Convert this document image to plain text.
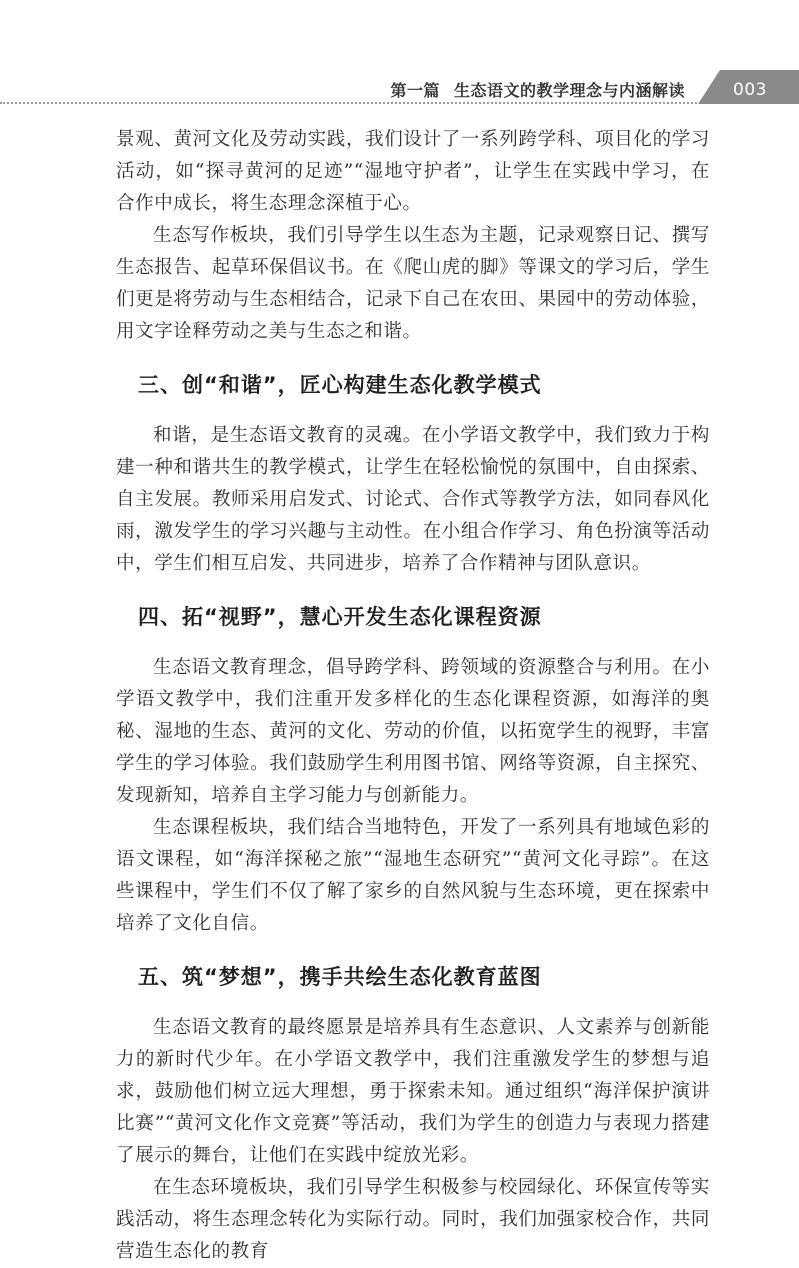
第一篇 生态语文的教学理念与内涵解读	003

景观、黄河文化及劳动实践，我们设计了一系列跨学科、项目化的学习活动，如“探寻黄河的足迹”“湿地守护者”，让学生在实践中学习，在合作中成长，将生态理念深植于心。

生态写作板块，我们引导学生以生态为主题，记录观察日记、撰写生态报告、起草环保倡议书。在《爬山虎的脚》等课文的学习后，学生们更是将劳动与生态相结合，记录下自己在农田、果园中的劳动体验，用文字诠释劳动之美与生态之和谐。

三、创“和谐”，匠心构建生态化教学模式

和谐，是生态语文教育的灵魂。在小学语文教学中，我们致力于构建一种和谐共生的教学模式，让学生在轻松愉悦的氛围中，自由探索、自主发展。教师采用启发式、讨论式、合作式等教学方法，如同春风化雨，激发学生的学习兴趣与主动性。在小组合作学习、角色扮演等活动中，学生们相互启发、共同进步，培养了合作精神与团队意识。

四、拓“视野”，慧心开发生态化课程资源

生态语文教育理念，倡导跨学科、跨领域的资源整合与利用。在小学语文教学中，我们注重开发多样化的生态化课程资源，如海洋的奥秘、湿地的生态、黄河的文化、劳动的价值，以拓宽学生的视野，丰富学生的学习体验。我们鼓励学生利用图书馆、网络等资源，自主探究、发现新知，培养自主学习能力与创新能力。

生态课程板块，我们结合当地特色，开发了一系列具有地域色彩的语文课程，如“海洋探秘之旅”“湿地生态研究”“黄河文化寻踪”。在这些课程中，学生们不仅了解了家乡的自然风貌与生态环境，更在探索中培养了文化自信。

五、筑“梦想”，携手共绘生态化教育蓝图

生态语文教育的最终愿景是培养具有生态意识、人文素养与创新能力的新时代少年。在小学语文教学中，我们注重激发学生的梦想与追求，鼓励他们树立远大理想，勇于探索未知。通过组织“海洋保护演讲比赛”“黄河文化作文竞赛”等活动，我们为学生的创造力与表现力搭建了展示的舞台，让他们在实践中绽放光彩。

在生态环境板块，我们引导学生积极参与校园绿化、环保宣传等实践活动，将生态理念转化为实际行动。同时，我们加强家校合作，共同营造生态化的教育
